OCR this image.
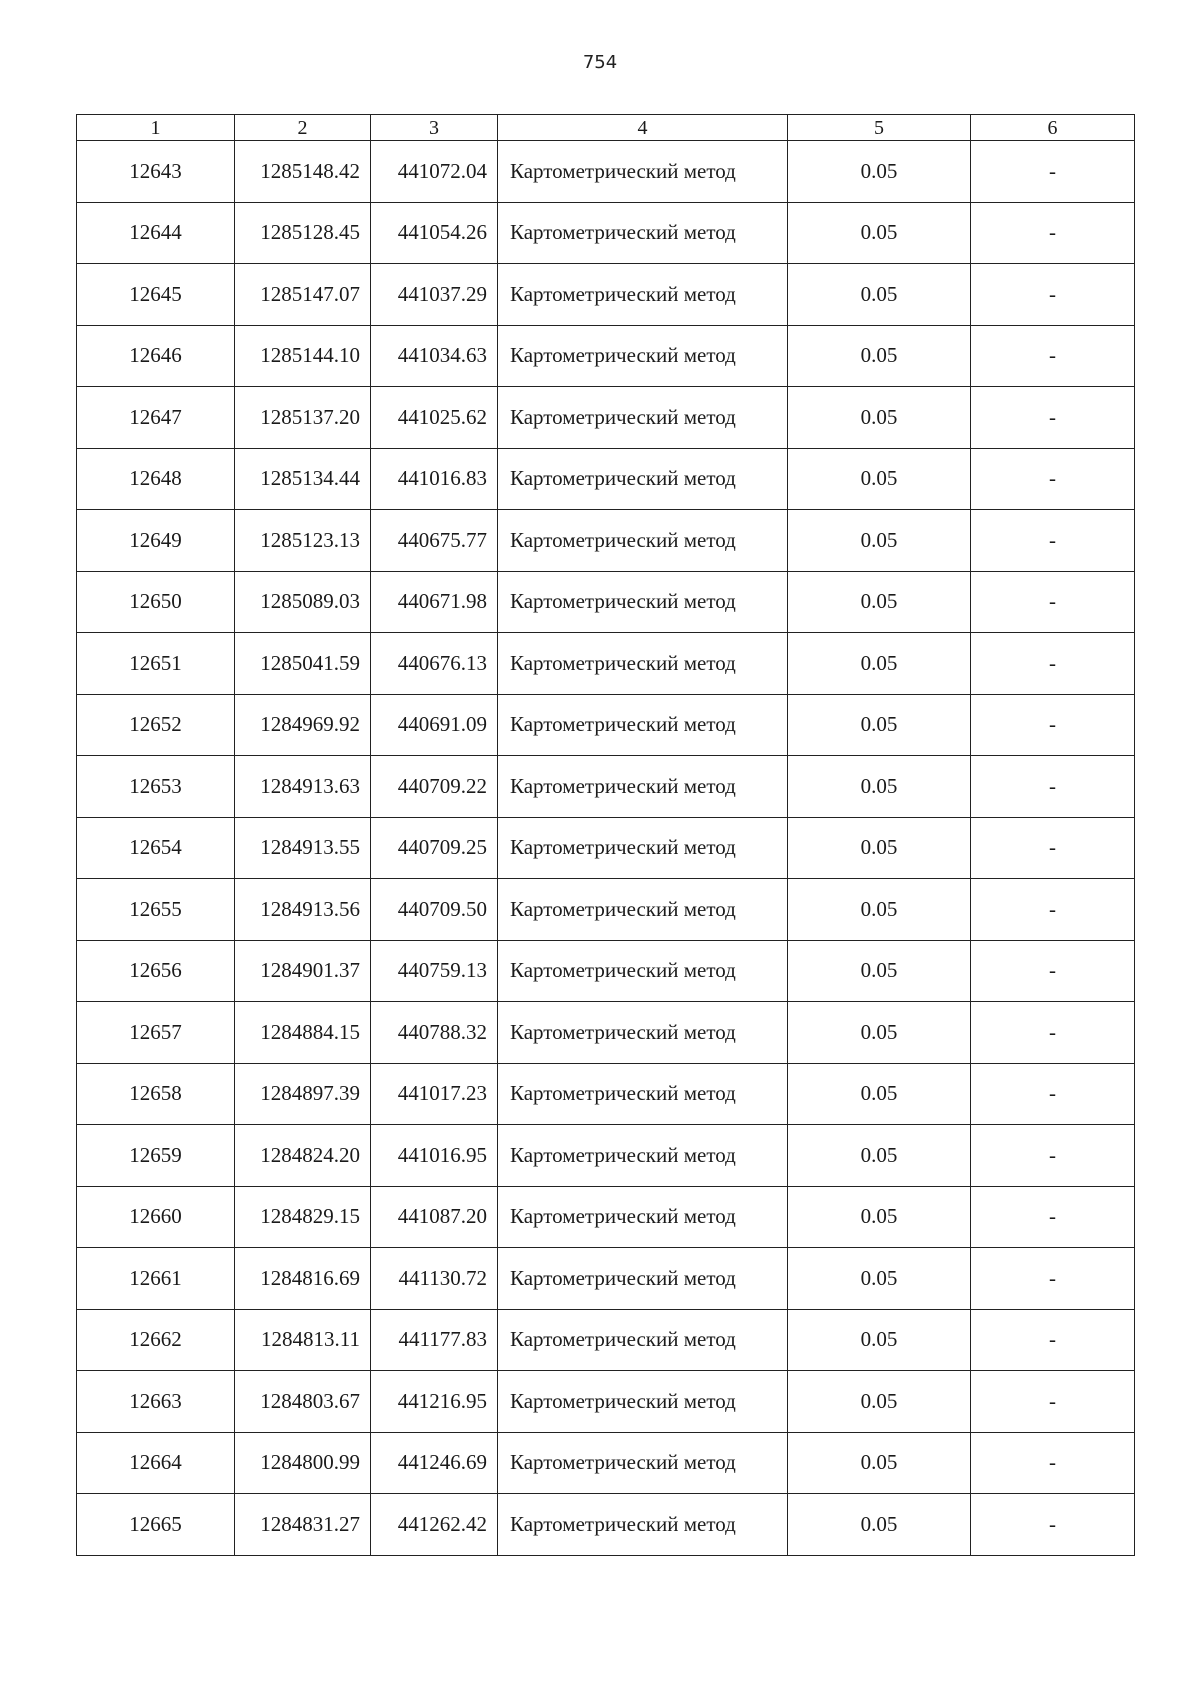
754
1	2	3	4	5	6
12643	1285148.42	441072.04	Картометрический метод	0.05	-
12644	1285128.45	441054.26	Картометрический метод	0.05	-
12645	1285147.07	441037.29	Картометрический метод	0.05	-
12646	1285144.10	441034.63	Картометрический метод	0.05	-
12647	1285137.20	441025.62	Картометрический метод	0.05	-
12648	1285134.44	441016.83	Картометрический метод	0.05	-
12649	1285123.13	440675.77	Картометрический метод	0.05	-
12650	1285089.03	440671.98	Картометрический метод	0.05	-
12651	1285041.59	440676.13	Картометрический метод	0.05	-
12652	1284969.92	440691.09	Картометрический метод	0.05	-
12653	1284913.63	440709.22	Картометрический метод	0.05	-
12654	1284913.55	440709.25	Картометрический метод	0.05	-
12655	1284913.56	440709.50	Картометрический метод	0.05	-
12656	1284901.37	440759.13	Картометрический метод	0.05	-
12657	1284884.15	440788.32	Картометрический метод	0.05	-
12658	1284897.39	441017.23	Картометрический метод	0.05	-
12659	1284824.20	441016.95	Картометрический метод	0.05	-
12660	1284829.15	441087.20	Картометрический метод	0.05	-
12661	1284816.69	441130.72	Картометрический метод	0.05	-
12662	1284813.11	441177.83	Картометрический метод	0.05	-
12663	1284803.67	441216.95	Картометрический метод	0.05	-
12664	1284800.99	441246.69	Картометрический метод	0.05	-
12665	1284831.27	441262.42	Картометрический метод	0.05	-
